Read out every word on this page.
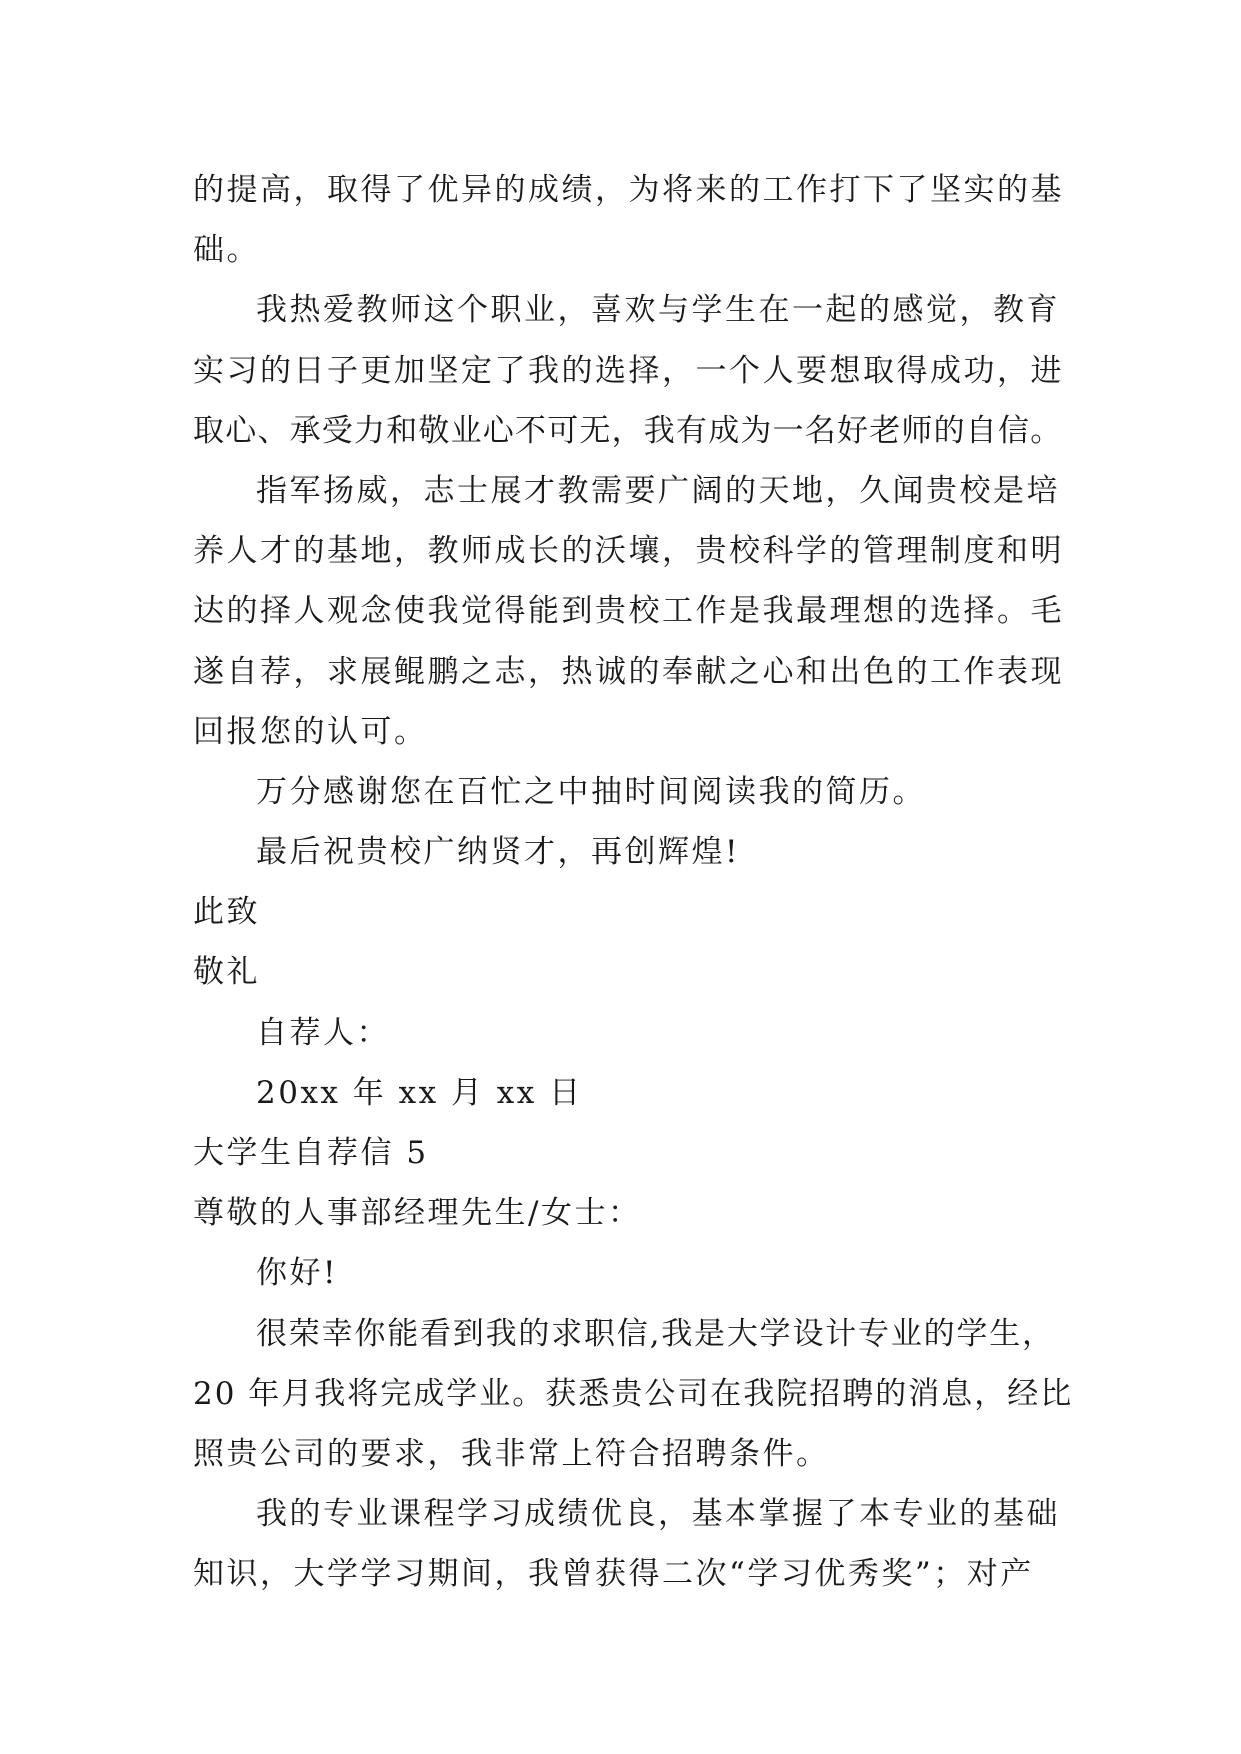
的提高，取得了优异的成绩，为将来的工作打下了坚实的基
础。
我热爱教师这个职业，喜欢与学生在一起的感觉，教育
实习的日子更加坚定了我的选择，一个人要想取得成功，进
取心、承受力和敬业心不可无，我有成为一名好老师的自信。
指军扬威，志士展才教需要广阔的天地，久闻贵校是培
养人才的基地，教师成长的沃壤，贵校科学的管理制度和明
达的择人观念使我觉得能到贵校工作是我最理想的选择。毛
遂自荐，求展鲲鹏之志，热诚的奉献之心和出色的工作表现
回报您的认可。
万分感谢您在百忙之中抽时间阅读我的简历。
最后祝贵校广纳贤才，再创辉煌!
此致
敬礼
自荐人：
20xx 年 xx 月 xx 日
大学生自荐信 5
尊敬的人事部经理先生/女士：
你好!
很荣幸你能看到我的求职信,我是大学设计专业的学生，
20 年月我将完成学业。获悉贵公司在我院招聘的消息，经比
照贵公司的要求，我非常上符合招聘条件。
我的专业课程学习成绩优良，基本掌握了本专业的基础
知识，大学学习期间，我曾获得二次“学习优秀奖”；对产
